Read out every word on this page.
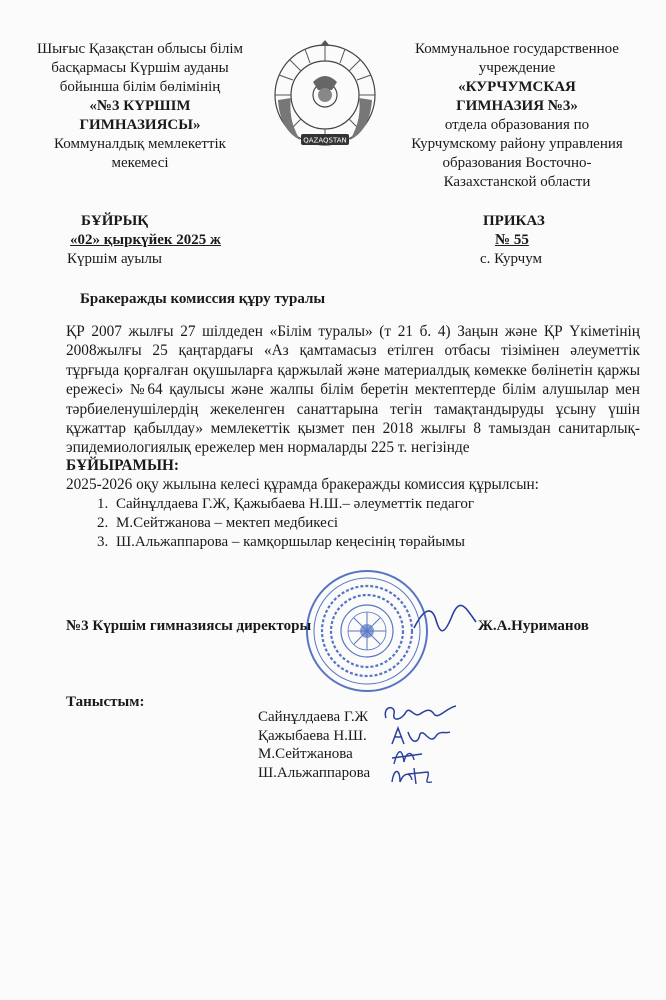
Шығыс Қазақстан облысы білім
басқармасы Күршім ауданы
бойынша білім бөлімінің
«№3 КҮРШІМ
ГИМНАЗИЯСЫ»
Коммуналдық мемлекеттік
мекемесі
QAZAQSTAN
Коммунальное государственное
учреждение
«КУРЧУМСКАЯ
ГИМНАЗИЯ №3»
отдела образования по
Курчумскому району управления
образования Восточно-
Казахстанской области
БҰЙРЫҚ
«02» қыркүйек 2025 ж
Күршім ауылы
ПРИКАЗ
№ 55
с. Курчум
Бракеражды комиссия құру туралы
ҚР 2007 жылғы 27 шілдеден «Білім туралы» (т 21 б. 4) Заңын және ҚР Үкіметінің 2008жылғы 25 қаңтардағы «Аз қамтамасыз етілген отбасы тізімінен әлеуметтік тұрғыда қорғалған оқушыларға қаржылай және материалдық көмекке бөлінетін қаржы ережесі» №64 қаулысы және жалпы білім беретін мектептерде білім алушылар мен тәрбиеленушілердің жекеленген санаттарына тегін тамақтандыруды ұсыну үшін құжаттар қабылдау» мемлекеттік қызмет пен 2018 жылғы 8 тамыздан санитарлық-эпидемиологиялық ережелер мен нормаларды 225 т. негізінде
БҰЙЫРАМЫН:
2025-2026 оқу жылына келесі құрамда бракеражды комиссия құрылсын:
1. Сайнұлдаева Г.Ж, Қажыбаева Н.Ш.– әлеуметтік педагог
2. М.Сейтжанова – мектеп медбикесі
3. Ш.Альжаппарова – камқоршылар кеңесінің төрайымы
№3 Күршім гимназиясы директоры	Ж.А.Нуриманов
Таныстым:
Сайнұлдаева Г.Ж
Қажыбаева Н.Ш.
М.Сейтжанова
Ш.Альжаппарова
